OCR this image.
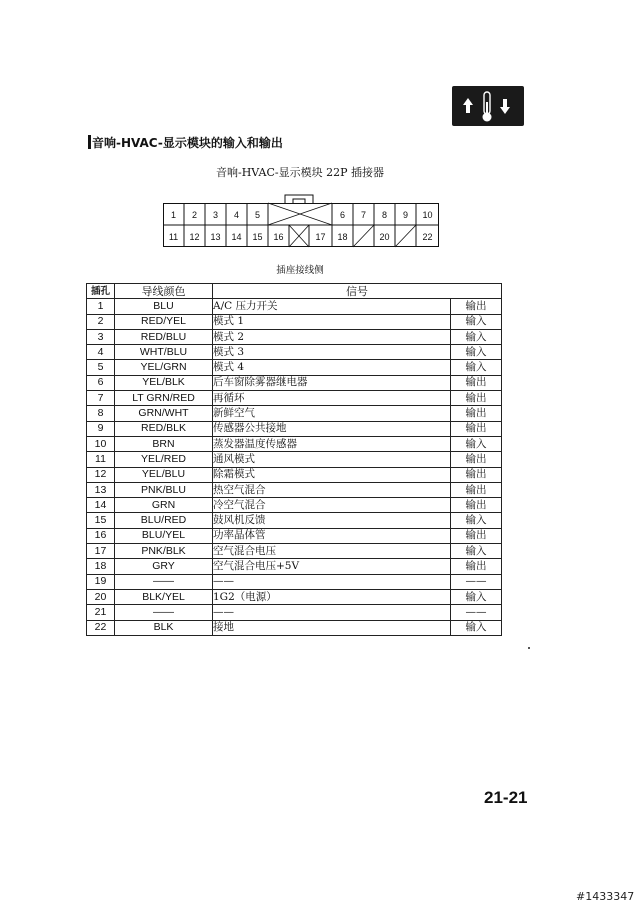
音响-HVAC-显示模块的输入和输出
音响-HVAC-显示模块 22P 插接器
1 2 3 4 5	6 7 8 9 10
11 12 13 14 15 16	17 18	20	22
插座接线侧
插孔	导线颜色	信号	
1	BLU	A/C 压力开关	输出
2	RED/YEL	模式 1	输入
3	RED/BLU	模式 2	输入
4	WHT/BLU	模式 3	输入
5	YEL/GRN	模式 4	输入
6	YEL/BLK	后车窗除雾器继电器	输出
7	LT GRN/RED	再循环	输出
8	GRN/WHT	新鲜空气	输出
9	RED/BLK	传感器公共接地	输出
10	BRN	蒸发器温度传感器	输入
11	YEL/RED	通风模式	输出
12	YEL/BLU	除霜模式	输出
13	PNK/BLU	热空气混合	输出
14	GRN	冷空气混合	输出
15	BLU/RED	鼓风机反馈	输入
16	BLU/YEL	功率晶体管	输出
17	PNK/BLK	空气混合电压	输入
18	GRY	空气混合电压+5V	输出
19	——	——	——
20	BLK/YEL	1G2（电源）	输入
21	——	——	——
22	BLK	接地	输入
21-21
#1433347
